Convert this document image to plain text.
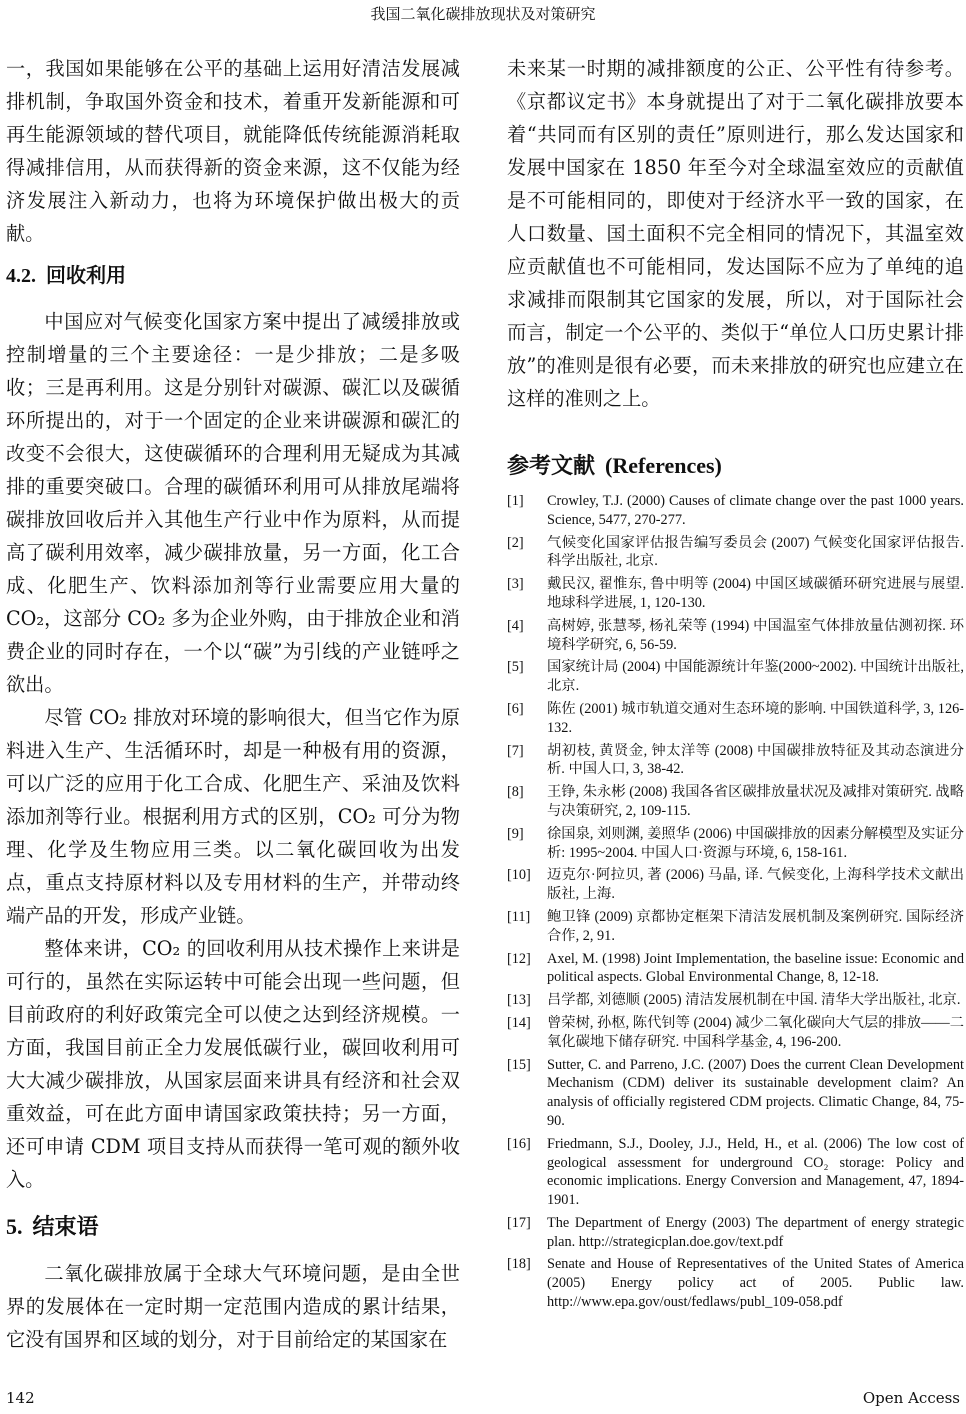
我国二氧化碳排放现状及对策研究

一，我国如果能够在公平的基础上运用好清洁发展减排机制，争取国外资金和技术，着重开发新能源和可再生能源领域的替代项目，就能降低传统能源消耗取得减排信用，从而获得新的资金来源，这不仅能为经济发展注入新动力，也将为环境保护做出极大的贡献。

4.2. 回收利用

中国应对气候变化国家方案中提出了减缓排放或控制增量的三个主要途径：一是少排放；二是多吸收；三是再利用。这是分别针对碳源、碳汇以及碳循环所提出的，对于一个固定的企业来讲碳源和碳汇的改变不会很大，这使碳循环的合理利用无疑成为其减排的重要突破口。合理的碳循环利用可从排放尾端将碳排放回收后并入其他生产行业中作为原料，从而提高了碳利用效率，减少碳排放量，另一方面，化工合成、化肥生产、饮料添加剂等行业需要应用大量的CO₂，这部分 CO₂ 多为企业外购，由于排放企业和消费企业的同时存在，一个以“碳”为引线的产业链呼之欲出。

尽管 CO₂ 排放对环境的影响很大，但当它作为原料进入生产、生活循环时，却是一种极有用的资源，可以广泛的应用于化工合成、化肥生产、采油及饮料添加剂等行业。根据利用方式的区别，CO₂ 可分为物理、化学及生物应用三类。以二氧化碳回收为出发点，重点支持原材料以及专用材料的生产，并带动终端产品的开发，形成产业链。

整体来讲，CO₂ 的回收利用从技术操作上来讲是可行的，虽然在实际运转中可能会出现一些问题，但目前政府的利好政策完全可以使之达到经济规模。一方面，我国目前正全力发展低碳行业，碳回收利用可大大减少碳排放，从国家层面来讲具有经济和社会双重效益，可在此方面申请国家政策扶持；另一方面，还可申请 CDM 项目支持从而获得一笔可观的额外收入。

5. 结束语

二氧化碳排放属于全球大气环境问题，是由全世界的发展体在一定时期一定范围内造成的累计结果，它没有国界和区域的划分，对于目前给定的某国家在

未来某一时期的减排额度的公正、公平性有待参考。《京都议定书》本身就提出了对于二氧化碳排放要本着“共同而有区别的责任”原则进行，那么发达国家和发展中国家在 1850 年至今对全球温室效应的贡献值是不可能相同的，即使对于经济水平一致的国家，在人口数量、国土面积不完全相同的情况下，其温室效应贡献值也不可能相同，发达国际不应为了单纯的追求减排而限制其它国家的发展，所以，对于国际社会而言，制定一个公平的、类似于“单位人口历史累计排放”的准则是很有必要，而未来排放的研究也应建立在这样的准则之上。

参考文献 (References)
[1] Crowley, T.J. (2000) Causes of climate change over the past 1000 years. Science, 5477, 270-277.
[2] 气候变化国家评估报告编写委员会 (2007) 气候变化国家评估报告. 科学出版社, 北京.
[3] 戴民汉, 翟惟东, 鲁中明等 (2004) 中国区域碳循环研究进展与展望. 地球科学进展, 1, 120-130.
[4] 高树婷, 张慧琴, 杨礼荣等 (1994) 中国温室气体排放量估测初探. 环境科学研究, 6, 56-59.
[5] 国家统计局 (2004) 中国能源统计年鉴(2000~2002). 中国统计出版社, 北京.
[6] 陈佐 (2001) 城市轨道交通对生态环境的影响. 中国铁道科学, 3, 126-132.
[7] 胡初枝, 黄贤金, 钟太洋等 (2008) 中国碳排放特征及其动态演进分析. 中国人口, 3, 38-42.
[8] 王铮, 朱永彬 (2008) 我国各省区碳排放量状况及减排对策研究. 战略与决策研究, 2, 109-115.
[9] 徐国泉, 刘则渊, 姜照华 (2006) 中国碳排放的因素分解模型及实证分析: 1995~2004. 中国人口·资源与环境, 6, 158-161.
[10] 迈克尔·阿拉贝, 著 (2006) 马晶, 译. 气候变化, 上海科学技术文献出版社, 上海.
[11] 鲍卫锋 (2009) 京都协定框架下清洁发展机制及案例研究. 国际经济合作, 2, 91.
[12] Axel, M. (1998) Joint Implementation, the baseline issue: Economic and political aspects. Global Environmental Change, 8, 12-18.
[13] 吕学都, 刘德顺 (2005) 清洁发展机制在中国. 清华大学出版社, 北京.
[14] 曾荣树, 孙枢, 陈代钊等 (2004) 减少二氧化碳向大气层的排放——二氧化碳地下储存研究. 中国科学基金, 4, 196-200.
[15] Sutter, C. and Parreno, J.C. (2007) Does the current Clean Development Mechanism (CDM) deliver its sustainable development claim? An analysis of officially registered CDM projects. Climatic Change, 84, 75-90.
[16] Friedmann, S.J., Dooley, J.J., Held, H., et al. (2006) The low cost of geological assessment for underground CO₂ storage: Policy and economic implications. Energy Conversion and Management, 47, 1894-1901.
[17] The Department of Energy (2003) The department of energy strategic plan. http://strategicplan.doe.gov/text.pdf
[18] Senate and House of Representatives of the United States of America (2005) Energy policy act of 2005. Public law. http://www.epa.gov/oust/fedlaws/publ_109-058.pdf
142	Open Access
